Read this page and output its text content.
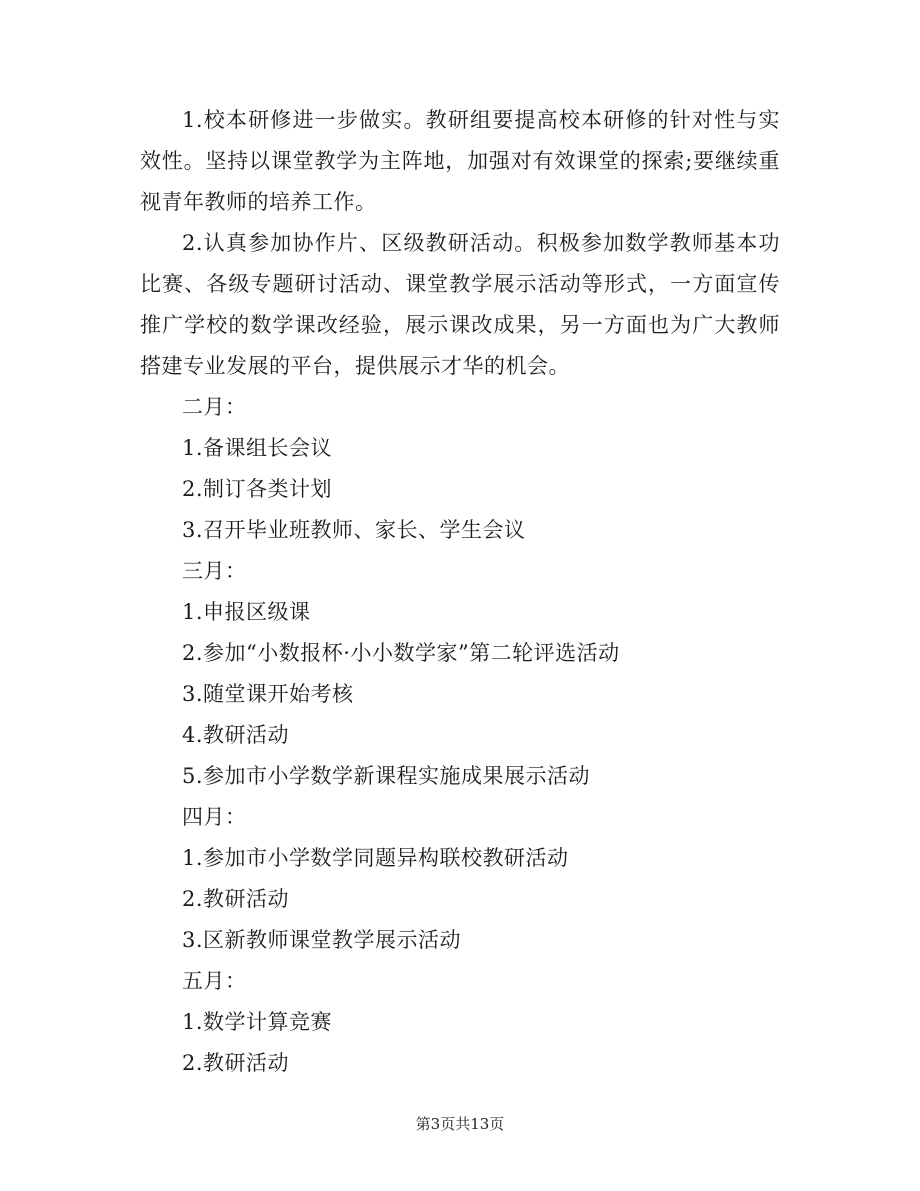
1.校本研修进一步做实。教研组要提高校本研修的针对性与实效性。坚持以课堂教学为主阵地，加强对有效课堂的探索;要继续重视青年教师的培养工作。

2.认真参加协作片、区级教研活动。积极参加数学教师基本功比赛、各级专题研讨活动、课堂教学展示活动等形式，一方面宣传推广学校的数学课改经验，展示课改成果，另一方面也为广大教师搭建专业发展的平台，提供展示才华的机会。

二月：

1.备课组长会议

2.制订各类计划

3.召开毕业班教师、家长、学生会议

三月：

1.申报区级课

2.参加“小数报杯·小小数学家”第二轮评选活动

3.随堂课开始考核

4.教研活动

5.参加市小学数学新课程实施成果展示活动

四月：

1.参加市小学数学同题异构联校教研活动

2.教研活动

3.区新教师课堂教学展示活动

五月：

1.数学计算竞赛

2.教研活动

第3页共13页
